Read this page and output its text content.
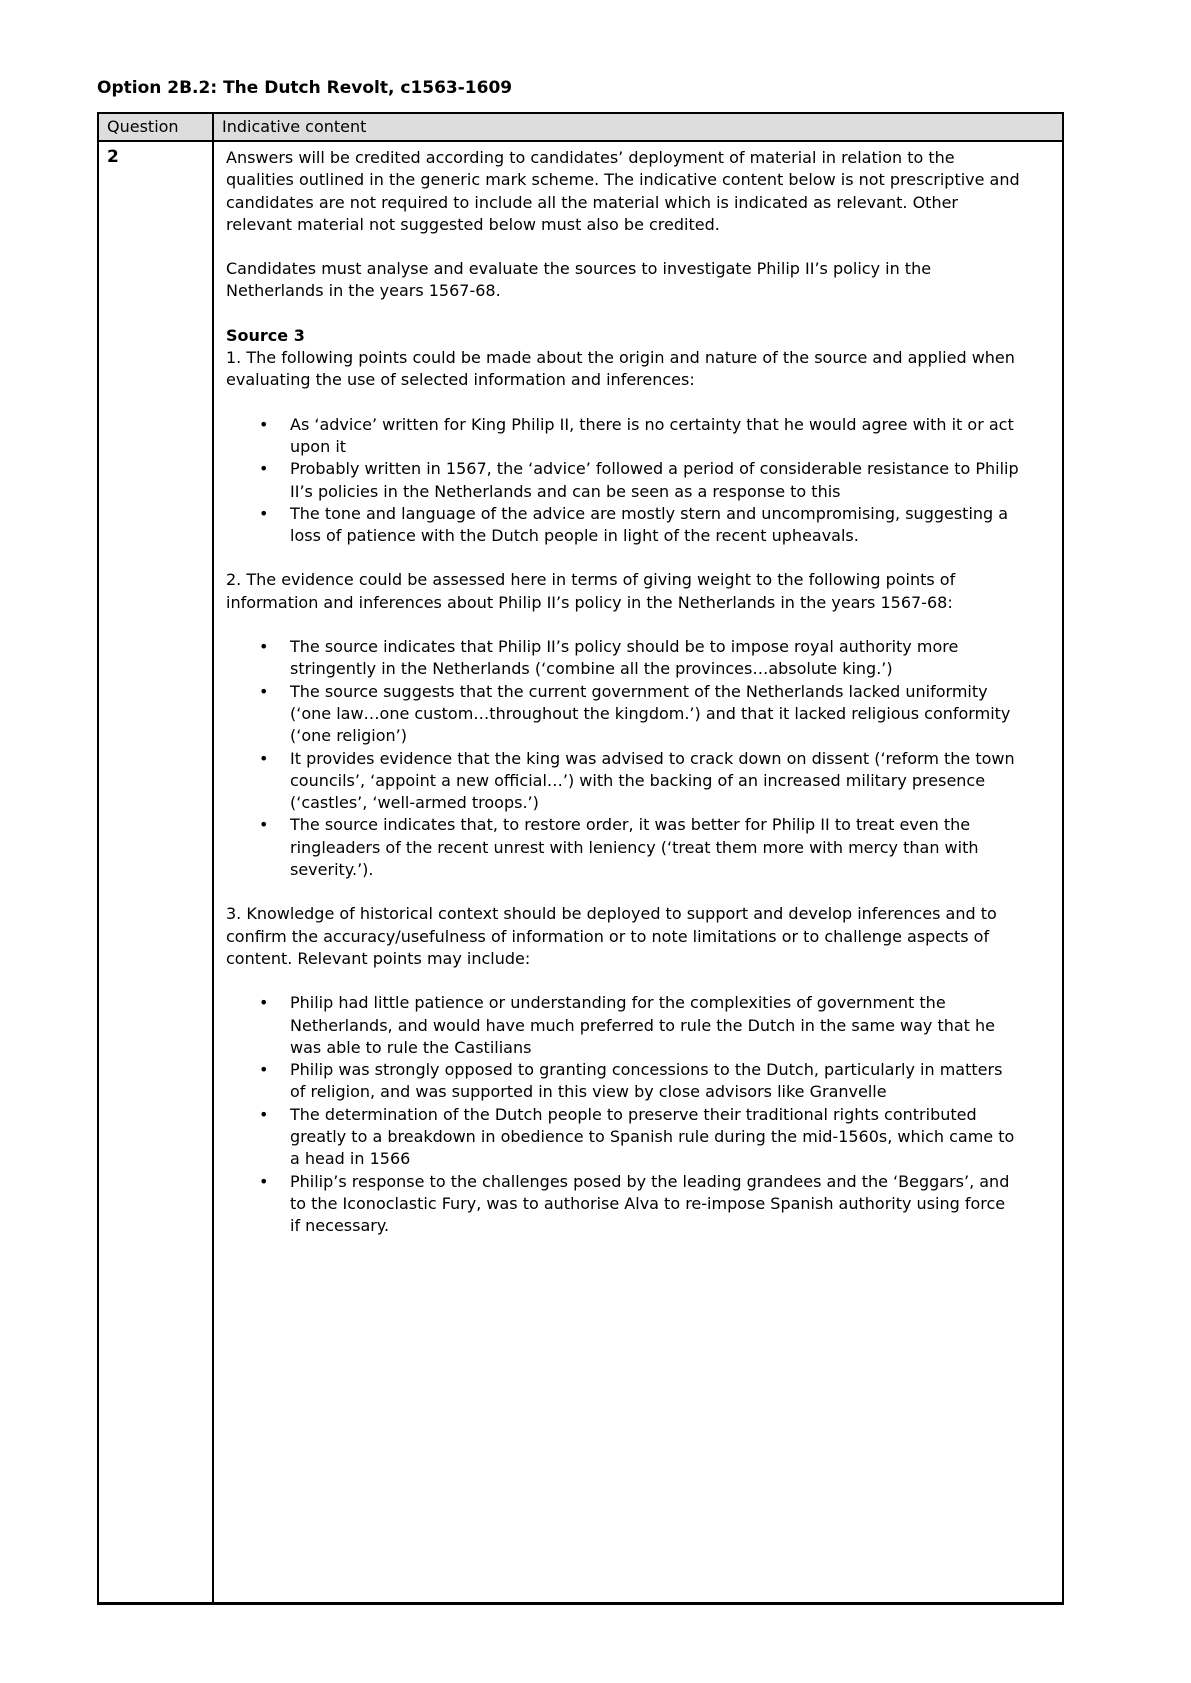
Option 2B.2: The Dutch Revolt, c1563-1609
Question	Indicative content
2	Answers will be credited according to candidates’ deployment of material in relation to the qualities outlined in the generic mark scheme. The indicative content below is not prescriptive and candidates are not required to include all the material which is indicated as relevant. Other relevant material not suggested below must also be credited.

Candidates must analyse and evaluate the sources to investigate Philip II’s policy in the Netherlands in the years 1567-68.

Source 3

1. The following points could be made about the origin and nature of the source and applied when evaluating the use of selected information and inferences:

• As ‘advice’ written for King Philip II, there is no certainty that he would agree with it or act upon it
• Probably written in 1567, the ‘advice’ followed a period of considerable resistance to Philip II’s policies in the Netherlands and can be seen as a response to this
• The tone and language of the advice are mostly stern and uncompromising, suggesting a loss of patience with the Dutch people in light of the recent upheavals.

2. The evidence could be assessed here in terms of giving weight to the following points of information and inferences about Philip II’s policy in the Netherlands in the years 1567-68:

• The source indicates that Philip II’s policy should be to impose royal authority more stringently in the Netherlands (‘combine all the provinces…absolute king.’)
• The source suggests that the current government of the Netherlands lacked uniformity (‘one law…one custom…throughout the kingdom.’) and that it lacked religious conformity (‘one religion’)
• It provides evidence that the king was advised to crack down on dissent (‘reform the town councils’, ‘appoint a new official…’) with the backing of an increased military presence (‘castles’, ‘well-armed troops.’)
• The source indicates that, to restore order, it was better for Philip II to treat even the ringleaders of the recent unrest with leniency (‘treat them more with mercy than with severity.’).

3. Knowledge of historical context should be deployed to support and develop inferences and to confirm the accuracy/usefulness of information or to note limitations or to challenge aspects of content. Relevant points may include:

• Philip had little patience or understanding for the complexities of government the Netherlands, and would have much preferred to rule the Dutch in the same way that he was able to rule the Castilians
• Philip was strongly opposed to granting concessions to the Dutch, particularly in matters of religion, and was supported in this view by close advisors like Granvelle
• The determination of the Dutch people to preserve their traditional rights contributed greatly to a breakdown in obedience to Spanish rule during the mid-1560s, which came to a head in 1566
• Philip’s response to the challenges posed by the leading grandees and the ‘Beggars’, and to the Iconoclastic Fury, was to authorise Alva to re-impose Spanish authority using force if necessary.
